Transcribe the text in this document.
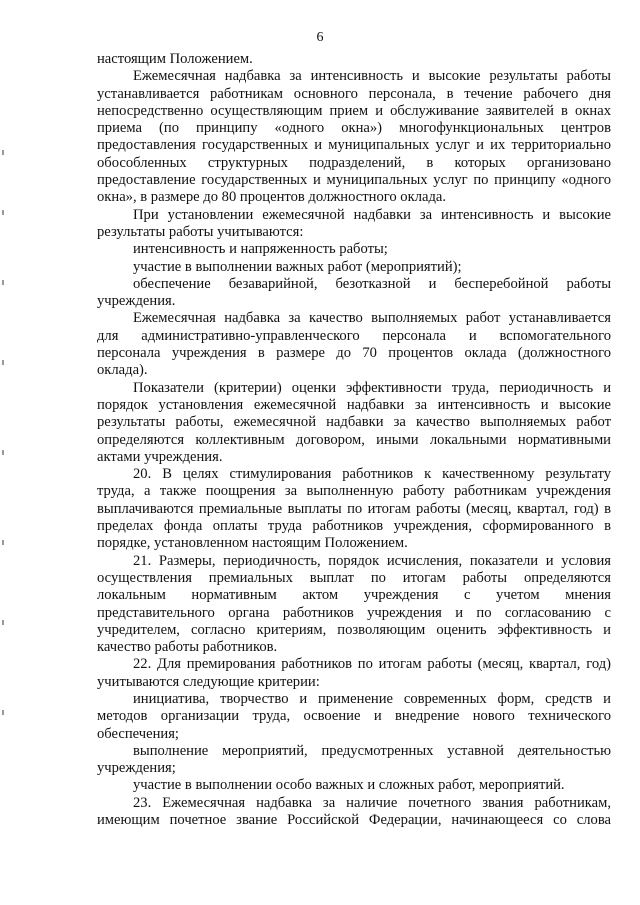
6
настоящим Положением.
Ежемесячная надбавка за интенсивность и высокие результаты работы
устанавливается работникам основного персонала, в течение рабочего дня
непосредственно осуществляющим прием и обслуживание заявителей в окнах
приема (по принципу «одного окна») многофункциональных центров
предоставления государственных и муниципальных услуг и их территориально
обособленных структурных подразделений, в которых организовано
предоставление государственных и муниципальных услуг по принципу «одного
окна», в размере до 80 процентов должностного оклада.
При установлении ежемесячной надбавки за интенсивность и высокие
результаты работы учитываются:
интенсивность и напряженность работы;
участие в выполнении важных работ (мероприятий);
обеспечение безаварийной, безотказной и бесперебойной работы
учреждения.
Ежемесячная надбавка за качество выполняемых работ устанавливается
для административно-управленческого персонала и вспомогательного
персонала учреждения в размере до 70 процентов оклада (должностного
оклада).
Показатели (критерии) оценки эффективности труда, периодичность и
порядок установления ежемесячной надбавки за интенсивность и высокие
результаты работы, ежемесячной надбавки за качество выполняемых работ
определяются коллективным договором, иными локальными нормативными
актами учреждения.
20. В целях стимулирования работников к качественному результату
труда, а также поощрения за выполненную работу работникам учреждения
выплачиваются премиальные выплаты по итогам работы (месяц, квартал, год) в
пределах фонда оплаты труда работников учреждения, сформированного в
порядке, установленном настоящим Положением.
21. Размеры, периодичность, порядок исчисления, показатели и условия
осуществления премиальных выплат по итогам работы определяются
локальным нормативным актом учреждения с учетом мнения
представительного органа работников учреждения и по согласованию с
учредителем, согласно критериям, позволяющим оценить эффективность и
качество работы работников.
22. Для премирования работников по итогам работы (месяц, квартал, год)
учитываются следующие критерии:
инициатива, творчество и применение современных форм, средств и
методов организации труда, освоение и внедрение нового технического
обеспечения;
выполнение мероприятий, предусмотренных уставной деятельностью
учреждения;
участие в выполнении особо важных и сложных работ, мероприятий.
23. Ежемесячная надбавка за наличие почетного звания работникам,
имеющим почетное звание Российской Федерации, начинающееся со слова
